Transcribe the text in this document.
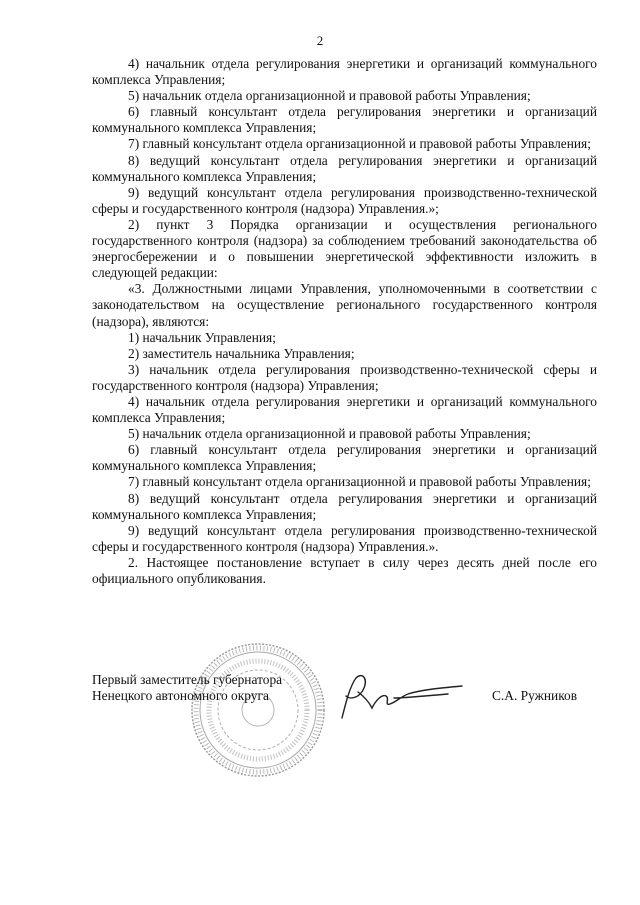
2

4) начальник отдела регулирования энергетики и организаций коммунального комплекса Управления;

5) начальник отдела организационной и правовой работы Управления;

6) главный консультант отдела регулирования энергетики и организаций коммунального комплекса Управления;

7) главный консультант отдела организационной и правовой работы Управления;

8) ведущий консультант отдела регулирования энергетики и организаций коммунального комплекса Управления;

9) ведущий консультант отдела регулирования производственно-технической сферы и государственного контроля (надзора) Управления.»;

2) пункт 3 Порядка организации и осуществления регионального государственного контроля (надзора) за соблюдением требований законодательства об энергосбережении и о повышении энергетической эффективности изложить в следующей редакции:

«3. Должностными лицами Управления, уполномоченными в соответствии с законодательством на осуществление регионального государственного контроля (надзора), являются:

1) начальник Управления;

2) заместитель начальника Управления;

3) начальник отдела регулирования производственно-технической сферы и государственного контроля (надзора) Управления;

4) начальник отдела регулирования энергетики и организаций коммунального комплекса Управления;

5) начальник отдела организационной и правовой работы Управления;

6) главный консультант отдела регулирования энергетики и организаций коммунального комплекса Управления;

7) главный консультант отдела организационной и правовой работы Управления;

8) ведущий консультант отдела регулирования энергетики и организаций коммунального комплекса Управления;

9) ведущий консультант отдела регулирования производственно-технической сферы и государственного контроля (надзора) Управления.».

2. Настоящее постановление вступает в силу через десять дней после его официального опубликования.

Первый заместитель губернатора
Ненецкого автономного округа	С.А. Ружников
